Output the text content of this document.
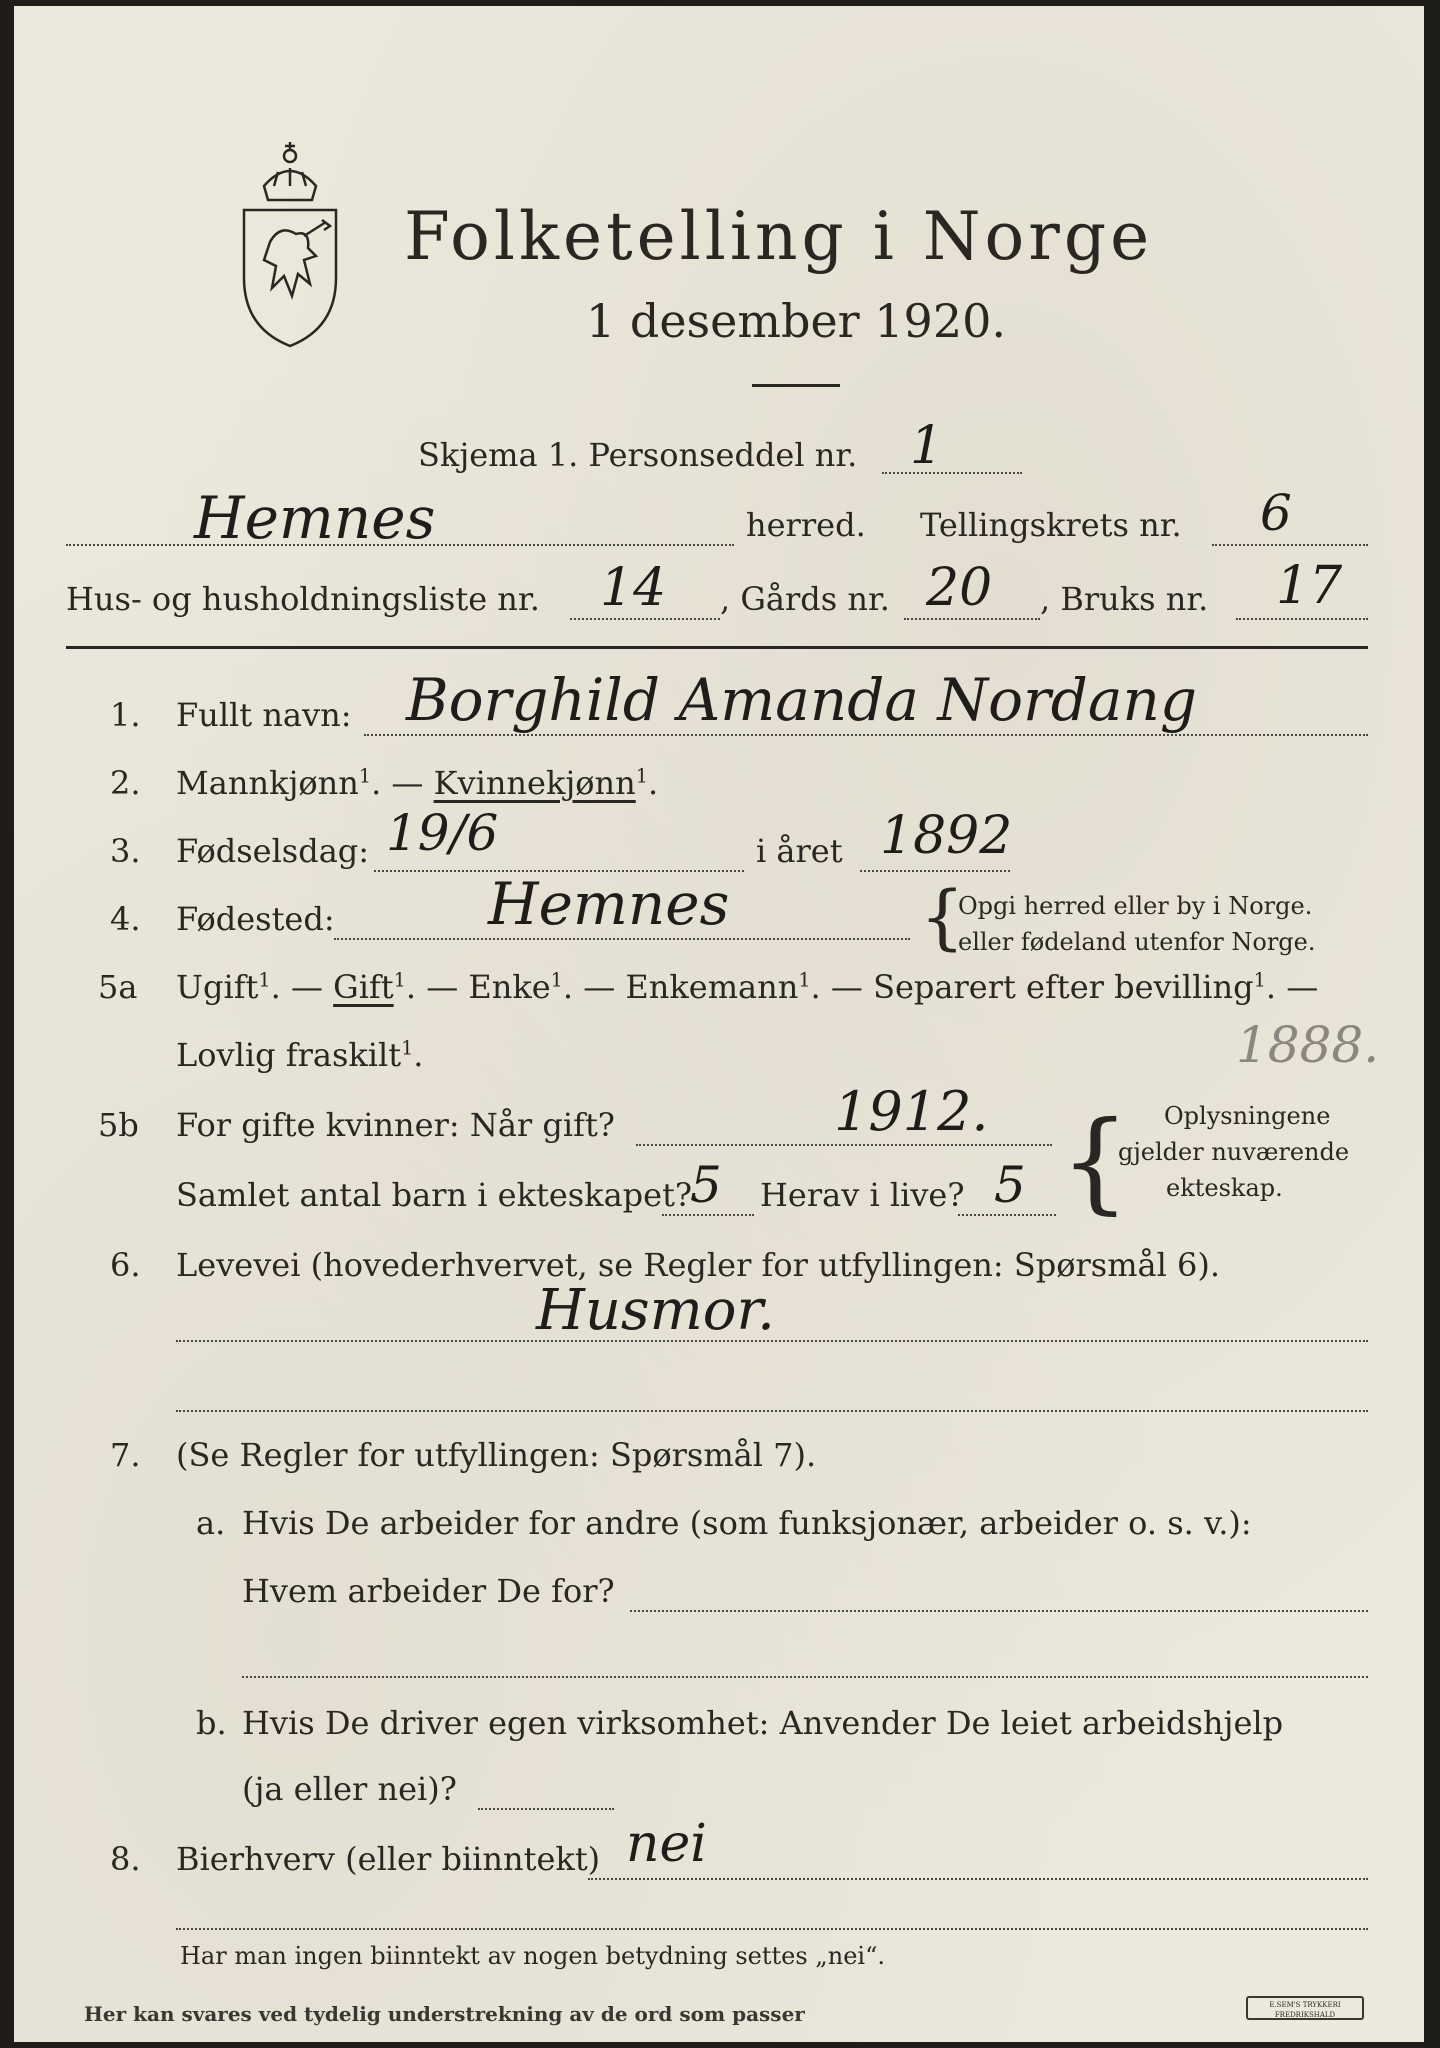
Folketelling i Norge
1 desember 1920.
Skjema 1. Personseddel nr. 1
Hemnes	herred. Tellingskrets nr. 6
Hus- og husholdningsliste nr. 14 , Gårds nr. 20 , Bruks nr. 17
1. Fullt navn: Borghild Amanda Nordang
2. Mannkjønn$^1$. — Kvinnekjønn$^1$.
3. Fødselsdag: 19/6	i året 1892
4. Fødested:	Hemnes	{
Opgi herred eller by i Norge.
eller fødeland utenfor Norge.
5a Ugift$^1$. — Gift$^1$. — Enke$^1$. — Enkemann$^1$. — Separert efter bevilling$^1$. —
Lovlig fraskilt$^1$.	1888.
5b For gifte kvinner: Når gift?	1912.
Samlet antal barn i ekteskapet?
5 Herav i live? 5 { Oplysningene
gjelder nuværende
ekteskap.
6. Levevei (hovederhvervet, se Regler for utfyllingen: Spørsmål 6).
Husmor.
7. (Se Regler for utfyllingen: Spørsmål 7).
a. Hvis De arbeider for andre (som funksjonær, arbeider o. s. v.):
Hvem arbeider De for?
b. Hvis De driver egen virksomhet: Anvender De leiet arbeidshjelp
(ja eller nei)?
8. Bierhverv (eller biinntekt) nei
Har man ingen biinntekt av nogen betydning settes „nei“.
Her kan svares ved tydelig understrekning av de ord som passer	E.SEM'S TRYKKERI FREDRIKSHALD
